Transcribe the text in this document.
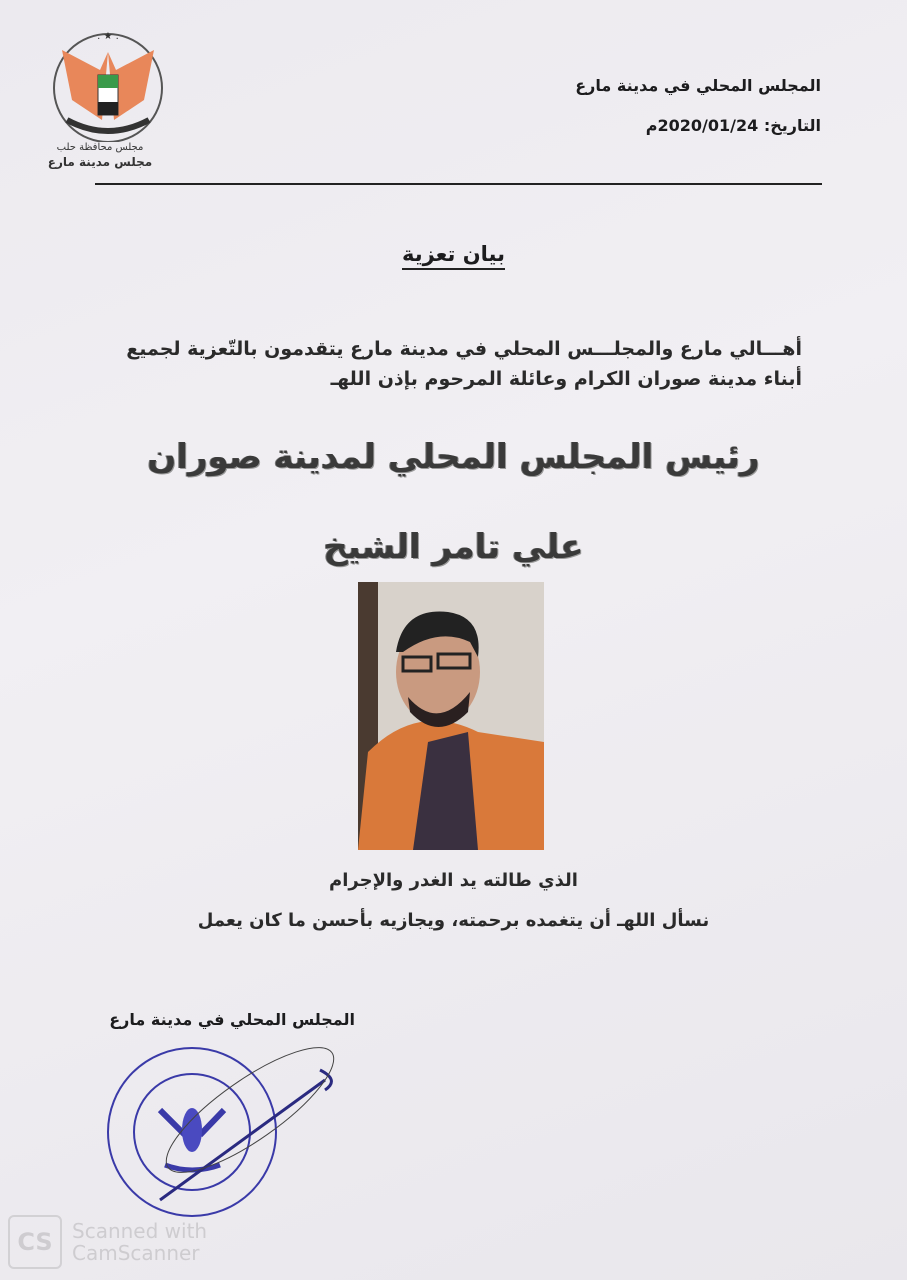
. ★ .
مجلس محافظة حلب
مجلس مدينة مارع
المجلس المحلي في مدينة مارع
التاريخ: 2020/01/24م
بيان تعزية
أهـــالي مارع والمجلـــس المحلي في مدينة مارع يتقدمون بالتّعزية لجميع
أبناء مدينة صوران الكرام وعائلة المرحوم بإذن اللهـ
رئيس المجلس المحلي لمدينة صوران
علي تامر الشيخ
الذي طالته يد الغدر والإجرام
نسأل اللهـ أن يتغمده برحمته، ويجازيه بأحسن ما كان يعمل
المجلس المحلي في مدينة مارع
CS Scanned with
CamScanner
